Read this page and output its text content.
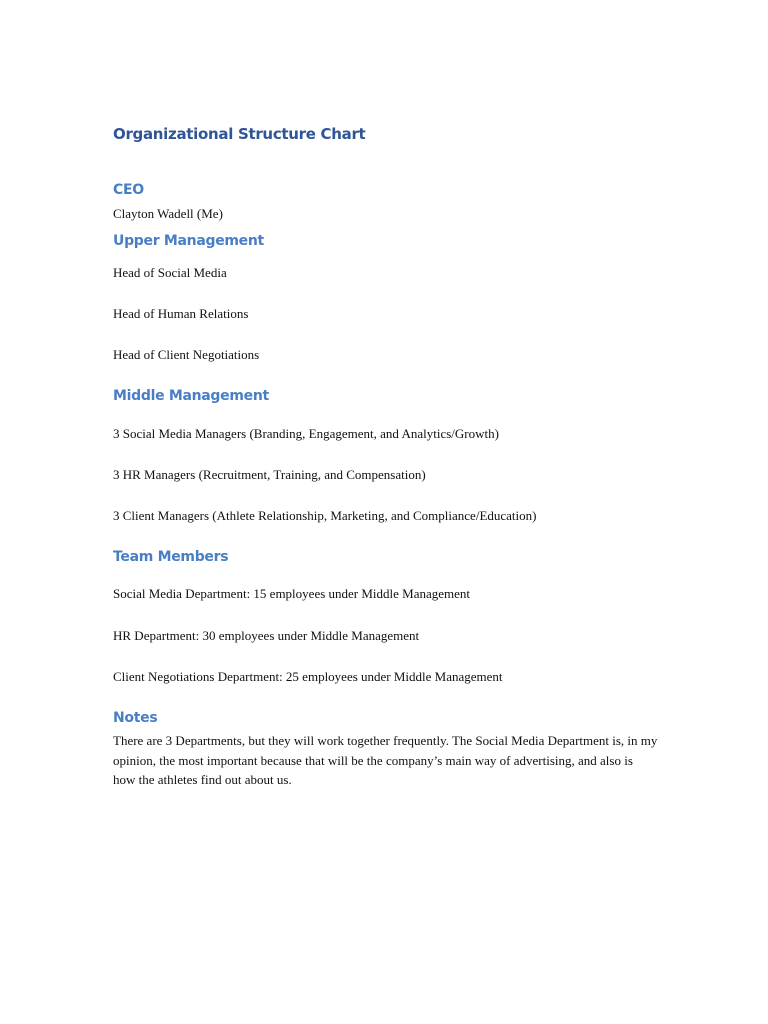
Organizational Structure Chart
CEO
Clayton Wadell (Me)
Upper Management
Head of Social Media
Head of Human Relations
Head of Client Negotiations
Middle Management
3 Social Media Managers (Branding, Engagement, and Analytics/Growth)
3 HR Managers (Recruitment, Training, and Compensation)
3 Client Managers (Athlete Relationship, Marketing, and Compliance/Education)
Team Members
Social Media Department: 15 employees under Middle Management
HR Department: 30 employees under Middle Management
Client Negotiations Department: 25 employees under Middle Management
Notes
There are 3 Departments, but they will work together frequently. The Social Media Department is, in my opinion, the most important because that will be the company’s main way of advertising, and also is how the athletes find out about us.
